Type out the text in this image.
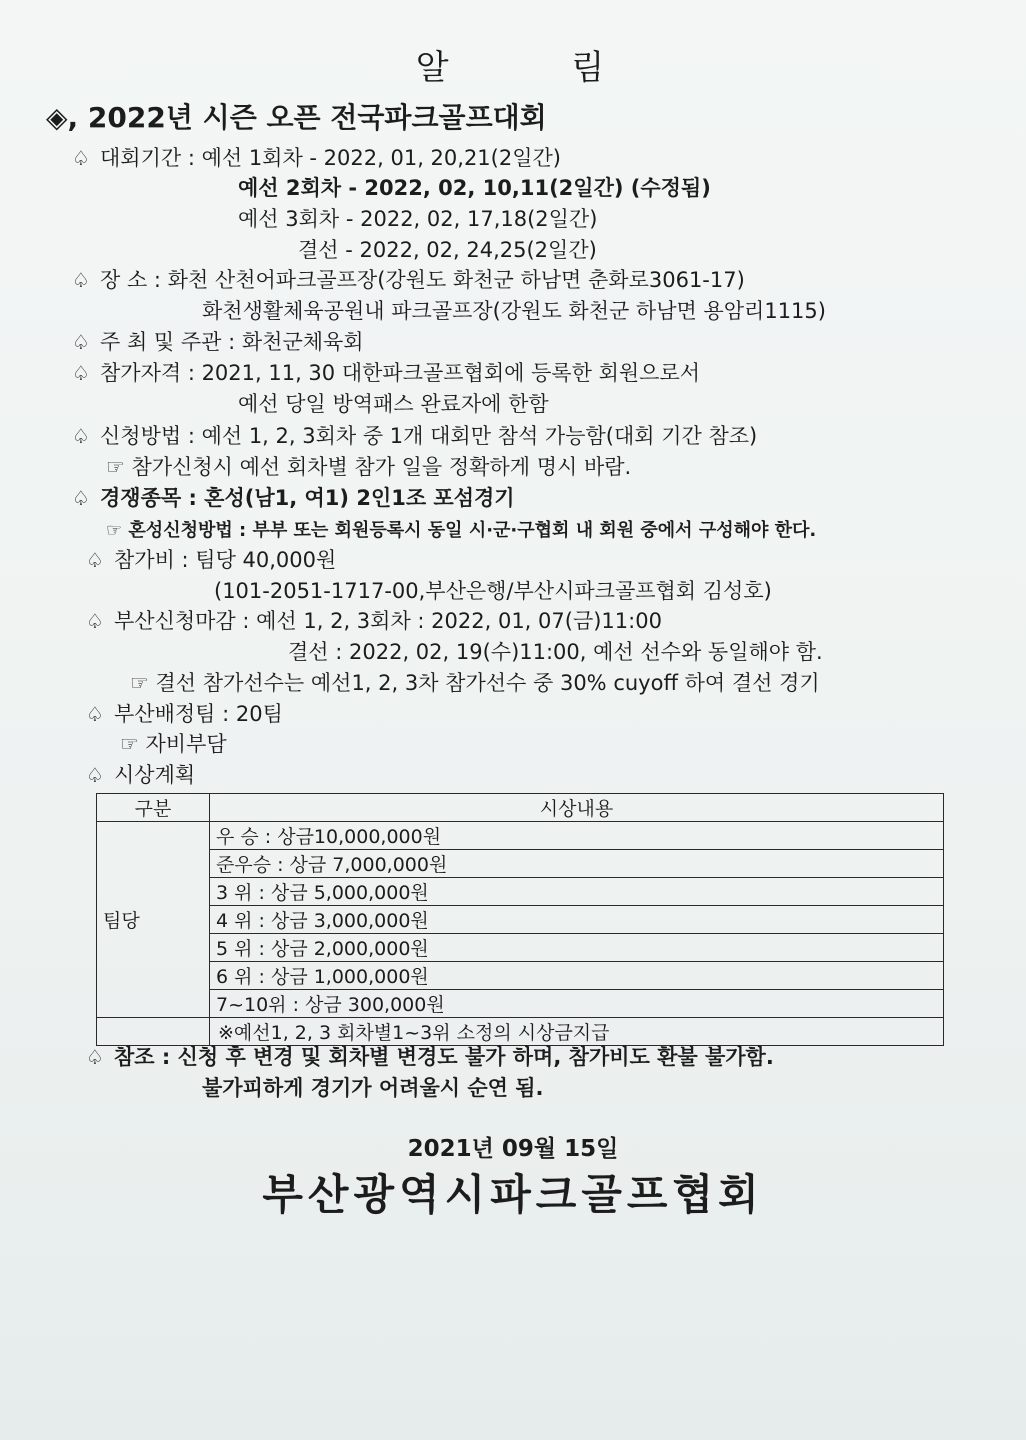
알 림
◈, 2022년 시즌 오픈 전국파크골프대회
♤ 대회기간 : 예선 1회차 - 2022, 01, 20,21(2일간)
예선 2회차 - 2022, 02, 10,11(2일간) (수정됨)
예선 3회차 - 2022, 02, 17,18(2일간)
결선 - 2022, 02, 24,25(2일간)
♤ 장 소 : 화천 산천어파크골프장(강원도 화천군 하남면 춘화로3061-17)
화천생활체육공원내 파크골프장(강원도 화천군 하남면 용암리1115)
♤ 주 최 및 주관 : 화천군체육회
♤ 참가자격 : 2021, 11, 30 대한파크골프협회에 등록한 회원으로서
예선 당일 방역패스 완료자에 한함
♤ 신청방법 : 예선 1, 2, 3회차 중 1개 대회만 참석 가능함(대회 기간 참조)
☞ 참가신청시 예선 회차별 참가 일을 정확하게 명시 바람.
♤ 경쟁종목 : 혼성(남1, 여1) 2인1조 포섬경기
☞ 혼성신청방법 : 부부 또는 회원등록시 동일 시·군·구협회 내 회원 중에서 구성해야 한다.
♤ 참가비 : 팀당 40,000원
(101-2051-1717-00,부산은행/부산시파크골프협회 김성호)
♤ 부산신청마감 : 예선 1, 2, 3회차 : 2022, 01, 07(금)11:00
결선 : 2022, 02, 19(수)11:00, 예선 선수와 동일해야 함.
☞ 결선 참가선수는 예선1, 2, 3차 참가선수 중 30% cuyoff 하여 결선 경기
♤ 부산배정팀 : 20팀
☞ 자비부담
♤ 시상계획
구분	시상내용
팀당	우 승 : 상금10,000,000원
	준우승 : 상금 7,000,000원
	3 위 : 상금 5,000,000원
	4 위 : 상금 3,000,000원
	5 위 : 상금 2,000,000원
	6 위 : 상금 1,000,000원
	7~10위 : 상금 300,000원
	※예선1, 2, 3 회차별1~3위 소정의 시상금지급
♤ 참조 : 신청 후 변경 및 회차별 변경도 불가 하며, 참가비도 환불 불가함.
불가피하게 경기가 어려울시 순연 됨.
2021년 09월 15일
부산광역시파크골프협회
